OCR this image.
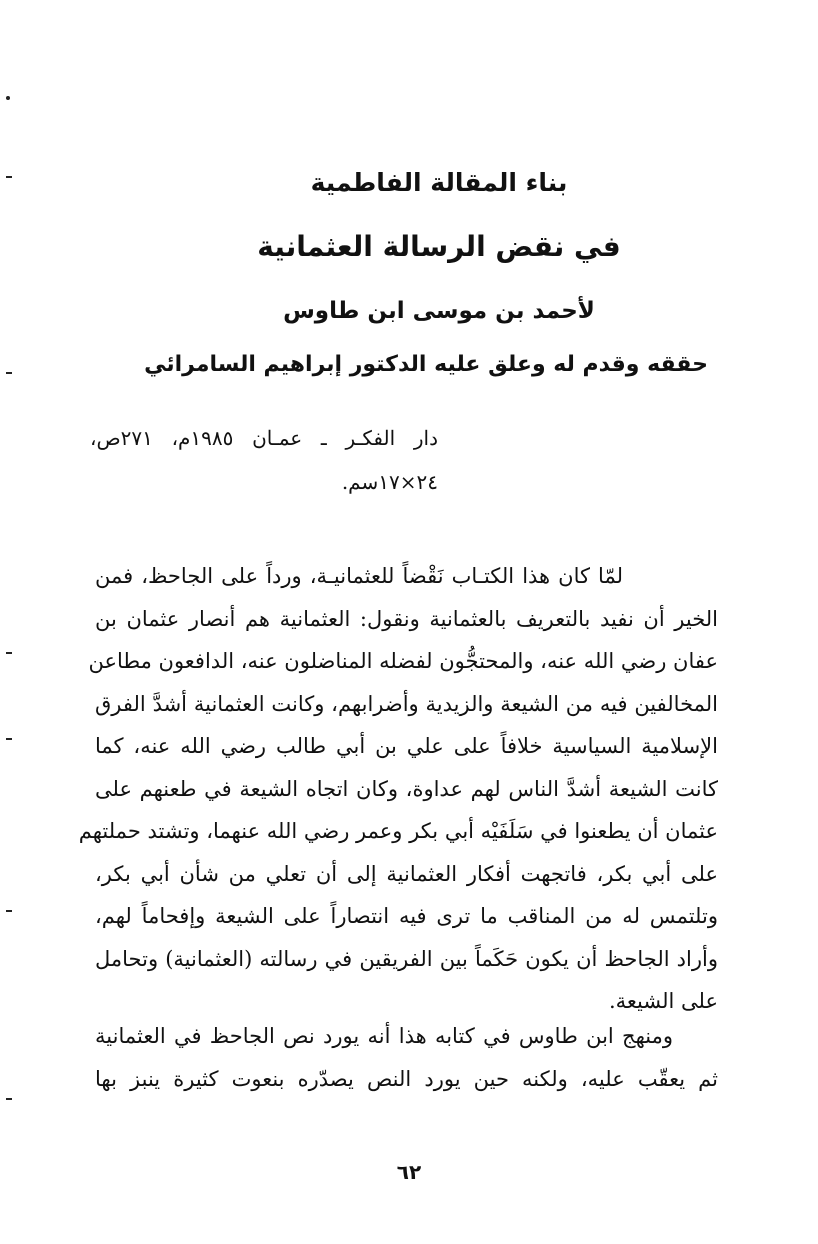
بناء المقالة الفاطمية
في نقض الرسالة العثمانية
لأحمد بن موسى ابن طاوس
حققه وقدم له وعلق عليه الدكتور إبراهيم السامرائي
دار الفكـر ـ عمـان ١٩٨٥م، ٢٧١ص،
٢٤×١٧سم.
لمّا كان هذا الكتـاب نَقْضاً للعثمانيـة، ورداً على الجاحظ، فمن
الخير أن نفيد بالتعريف بالعثمانية ونقول: العثمانية هم أنصار عثمان بن
عفان رضي الله عنه، والمحتجُّون لفضله المناضلون عنه، الدافعون مطاعن
المخالفين فيه من الشيعة والزيدية وأضرابهم، وكانت العثمانية أشدَّ الفرق
الإسلامية السياسية خلافاً على علي بن أبي طالب رضي الله عنه، كما
كانت الشيعة أشدَّ الناس لهم عداوة، وكان اتجاه الشيعة في طعنهم على
عثمان أن يطعنوا في سَلَفَيْه أبي بكر وعمر رضي الله عنهما، وتشتد حملتهم
على أبي بكر، فاتجهت أفكار العثمانية إلى أن تعلي من شأن أبي بكر،
وتلتمس له من المناقب ما ترى فيه انتصاراً على الشيعة وإفحاماً لهم،
وأراد الجاحظ أن يكون حَكَماً بين الفريقين في رسالته (العثمانية) وتحامل
على الشيعة.
ومنهج ابن طاوس في كتابه هذا أنه يورد نص الجاحظ في العثمانية
ثم يعقّب عليه، ولكنه حين يورد النص يصدّره بنعوت كثيرة ينبز بها
٦٢
